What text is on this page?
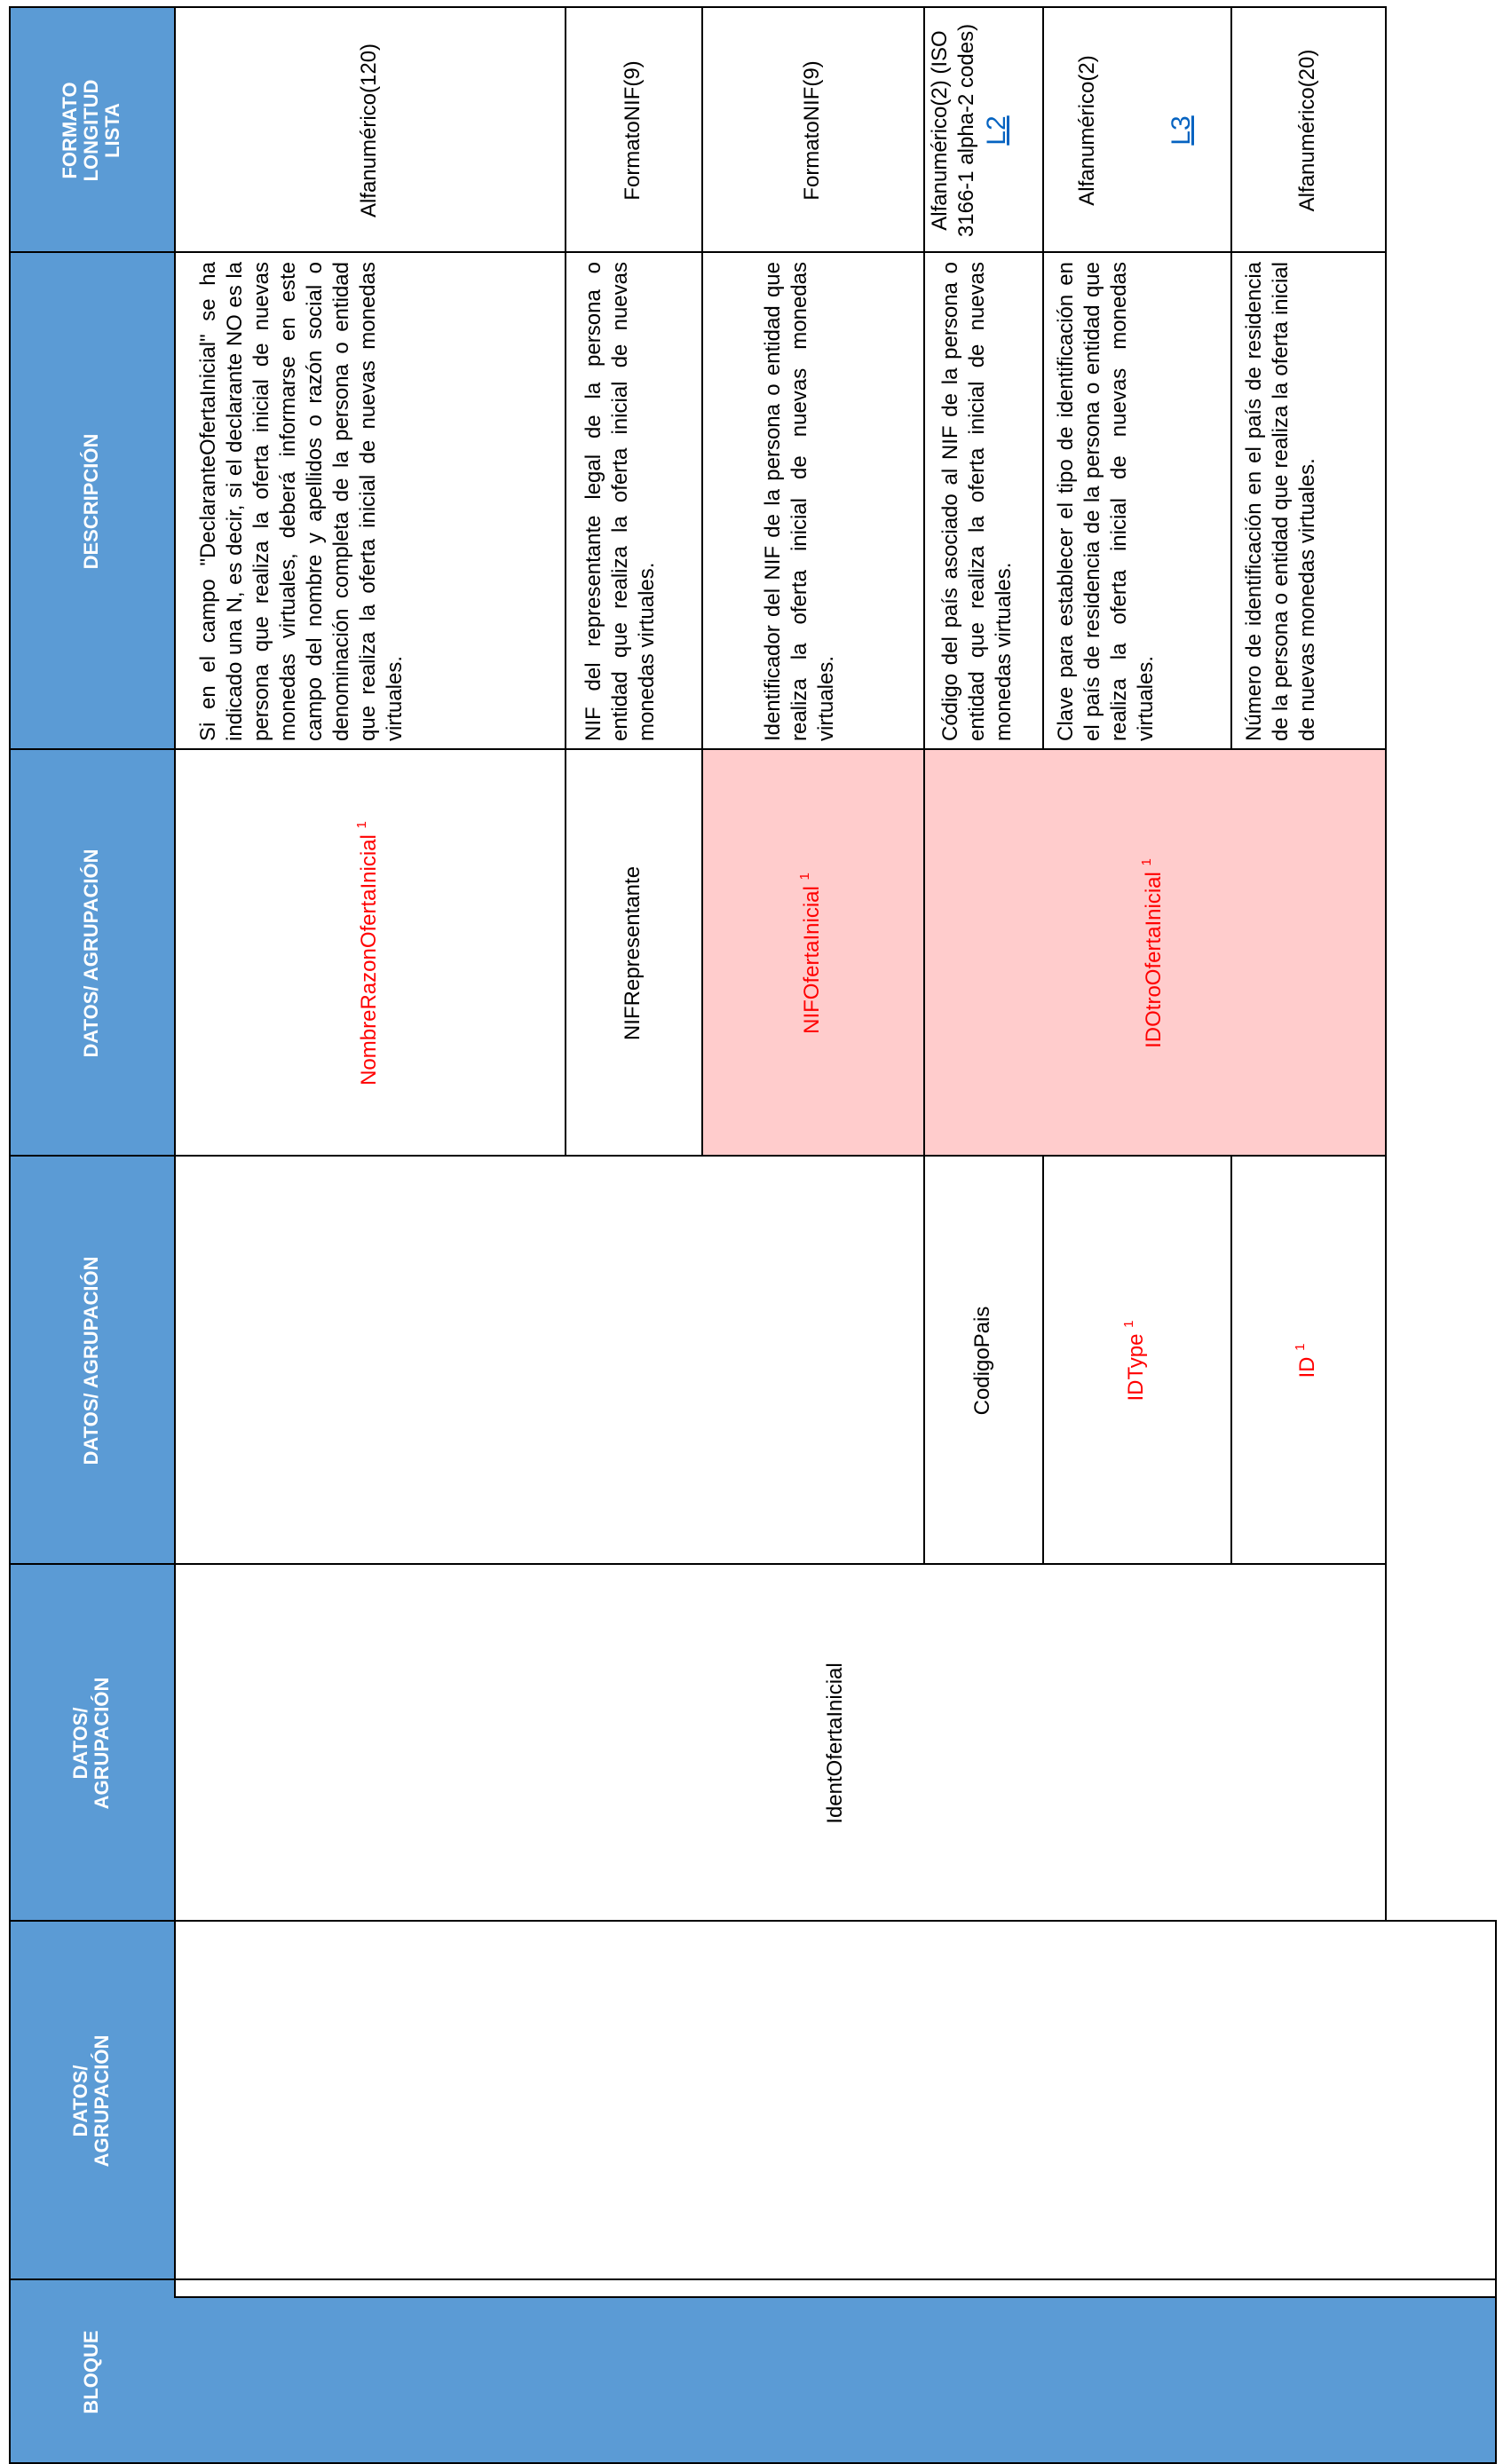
BLOQUE
DATOS/ AGRUPACIÓN
DATOS/ AGRUPACIÓN
DATOS/ AGRUPACIÓN
DATOS/ AGRUPACIÓN
DESCRIPCIÓN
FORMATO LONGITUD LISTA
IdentOfertaInicial
NombreRazonOfertaInicial $^1$
Si en el campo "DeclaranteOfertaInicial" se ha indicado una N, es decir, si el declarante NO es la persona que realiza la oferta inicial de nuevas monedas virtuales, deberá informarse en este campo del nombre y apellidos o razón social o denominación completa de la persona o entidad que realiza la oferta inicial de nuevas monedas virtuales.
Alfanumérico(120)
NIFRepresentante
NIF del representante legal de la persona o entidad que realiza la oferta inicial de nuevas monedas virtuales.
FormatoNIF(9)
NIFOfertaInicial $^1$
Identificador del NIF de la persona o entidad que realiza la oferta inicial de nuevas monedas virtuales.
FormatoNIF(9)
IDOtroOfertaInicial $^1$
CodigoPais
Código del país asociado al NIF de la persona o entidad que realiza la oferta inicial de nuevas monedas virtuales.
Alfanumérico(2) (ISO 3166-1 alpha-2 codes) L2
IDType $^1$
Clave para establecer el tipo de identificación en el país de residencia de la persona o entidad que realiza la oferta inicial de nuevas monedas virtuales.
Alfanumérico(2)	L3
ID $^1$
Número de identificación en el país de residencia de la persona o entidad que realiza la oferta inicial de nuevas monedas virtuales.
Alfanumérico(20)
